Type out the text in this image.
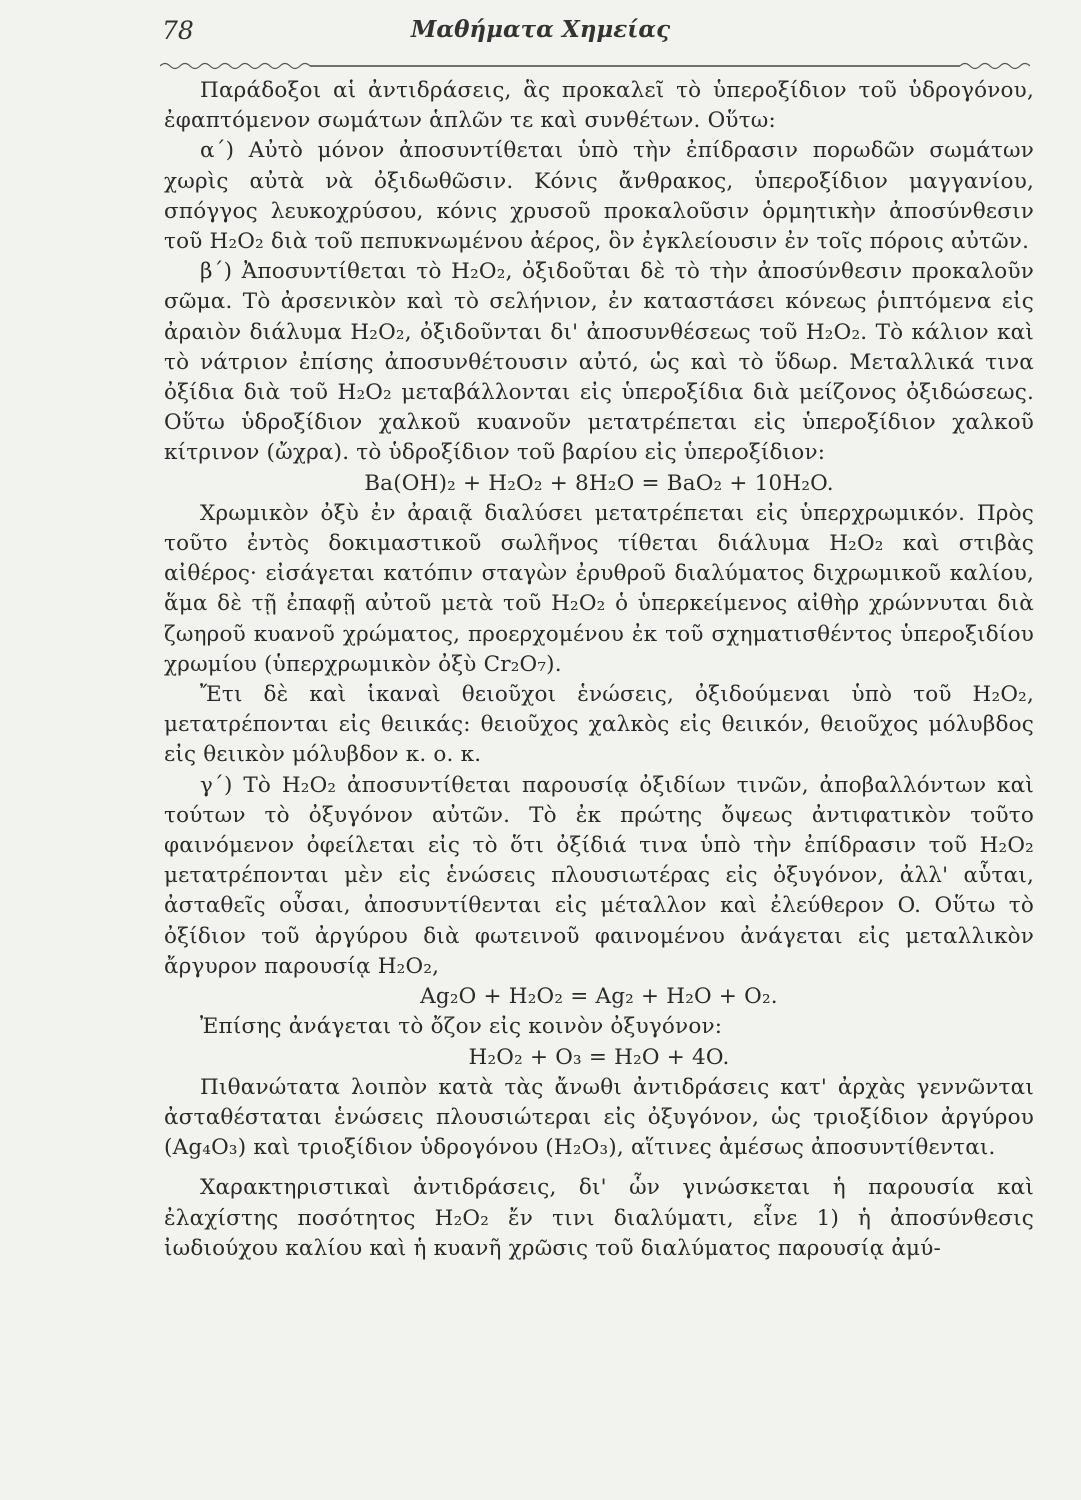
78	Μαθήματα Χημείας

Παράδοξοι αἱ ἀντιδράσεις, ἃς προκαλεῖ τὸ ὑπεροξίδιον τοῦ ὑδρογόνου, ἐφαπτόμενον σωμάτων ἁπλῶν τε καὶ συνθέτων. Οὕτω:

α΄) Αὐτὸ μόνον ἀποσυντίθεται ὑπὸ τὴν ἐπίδρασιν πορωδῶν σωμάτων χωρὶς αὐτὰ νὰ ὀξιδωθῶσιν. Κόνις ἄνθρακος, ὑπεροξίδιον μαγγανίου, σπόγγος λευκοχρύσου, κόνις χρυσοῦ προκαλοῦσιν ὁρμητικὴν ἀποσύνθεσιν τοῦ H₂O₂ διὰ τοῦ πεπυκνωμένου ἀέρος, ὃν ἐγκλείουσιν ἐν τοῖς πόροις αὐτῶν.

β΄) Ἀποσυντίθεται τὸ H₂O₂, ὀξιδοῦται δὲ τὸ τὴν ἀποσύνθεσιν προκαλοῦν σῶμα. Τὸ ἀρσενικὸν καὶ τὸ σελήνιον, ἐν καταστάσει κόνεως ῥιπτόμενα εἰς ἀραιὸν διάλυμα H₂O₂, ὀξιδοῦνται δι' ἀποσυνθέσεως τοῦ H₂O₂. Τὸ κάλιον καὶ τὸ νάτριον ἐπίσης ἀποσυνθέτουσιν αὐτό, ὡς καὶ τὸ ὕδωρ. Μεταλλικά τινα ὀξίδια διὰ τοῦ H₂O₂ μεταβάλλονται εἰς ὑπεροξίδια διὰ μείζονος ὀξιδώσεως. Οὕτω ὑδροξίδιον χαλκοῦ κυανοῦν μετατρέπεται εἰς ὑπεροξίδιον χαλκοῦ κίτρινον (ὤχρα). τὸ ὑδροξίδιον τοῦ βαρίου εἰς ὑπεροξίδιον:

Ba(OH)₂ + H₂O₂ + 8H₂O = BaO₂ + 10H₂O.

Χρωμικὸν ὀξὺ ἐν ἀραιᾷ διαλύσει μετατρέπεται εἰς ὑπερχρωμικόν. Πρὸς τοῦτο ἐντὸς δοκιμαστικοῦ σωλῆνος τίθεται διάλυμα H₂O₂ καὶ στιβὰς αἰθέρος· εἰσάγεται κατόπιν σταγὼν ἐρυθροῦ διαλύματος διχρωμικοῦ καλίου, ἅμα δὲ τῇ ἐπαφῇ αὐτοῦ μετὰ τοῦ H₂O₂ ὁ ὑπερκείμενος αἰθὴρ χρώννυται διὰ ζωηροῦ κυανοῦ χρώματος, προερχομένου ἐκ τοῦ σχηματισθέντος ὑπεροξιδίου χρωμίου (ὑπερχρωμικὸν ὀξὺ Cr₂O₇).

Ἔτι δὲ καὶ ἱκαναὶ θειοῦχοι ἑνώσεις, ὀξιδούμεναι ὑπὸ τοῦ H₂O₂, μετατρέπονται εἰς θειικάς: θειοῦχος χαλκὸς εἰς θειικόν, θειοῦχος μόλυβδος εἰς θειικὸν μόλυβδον κ. ο. κ.

γ΄) Τὸ H₂O₂ ἀποσυντίθεται παρουσίᾳ ὀξιδίων τινῶν, ἀποβαλλόντων καὶ τούτων τὸ ὀξυγόνον αὐτῶν. Τὸ ἐκ πρώτης ὄψεως ἀντιφατικὸν τοῦτο φαινόμενον ὀφείλεται εἰς τὸ ὅτι ὀξίδιά τινα ὑπὸ τὴν ἐπίδρασιν τοῦ H₂O₂ μετατρέπονται μὲν εἰς ἑνώσεις πλουσιωτέρας εἰς ὀξυγόνον, ἀλλ' αὗται, ἀσταθεῖς οὖσαι, ἀποσυντίθενται εἰς μέταλλον καὶ ἐλεύθερον O. Οὕτω τὸ ὀξίδιον τοῦ ἀργύρου διὰ φωτεινοῦ φαινομένου ἀνάγεται εἰς μεταλλικὸν ἄργυρον παρουσίᾳ H₂O₂,

Ag₂O + H₂O₂ = Ag₂ + H₂O + O₂.

Ἐπίσης ἀνάγεται τὸ ὄζον εἰς κοινὸν ὀξυγόνον:

H₂O₂ + O₃ = H₂O + 4O.

Πιθανώτατα λοιπὸν κατὰ τὰς ἄνωθι ἀντιδράσεις κατ' ἀρχὰς γεννῶνται ἀσταθέσταται ἑνώσεις πλουσιώτεραι εἰς ὀξυγόνον, ὡς τριοξίδιον ἀργύρου (Ag₄O₃) καὶ τριοξίδιον ὑδρογόνου (H₂O₃), αἵτινες ἀμέσως ἀποσυντίθενται.

Χαρακτηριστικαὶ ἀντιδράσεις, δι' ὧν γινώσκεται ἡ παρουσία καὶ ἐλαχίστης ποσότητος H₂O₂ ἔν τινι διαλύματι, εἶνε 1) ἡ ἀποσύνθεσις ἰωδιούχου καλίου καὶ ἡ κυανῆ χρῶσις τοῦ διαλύματος παρουσίᾳ ἀμύ-
